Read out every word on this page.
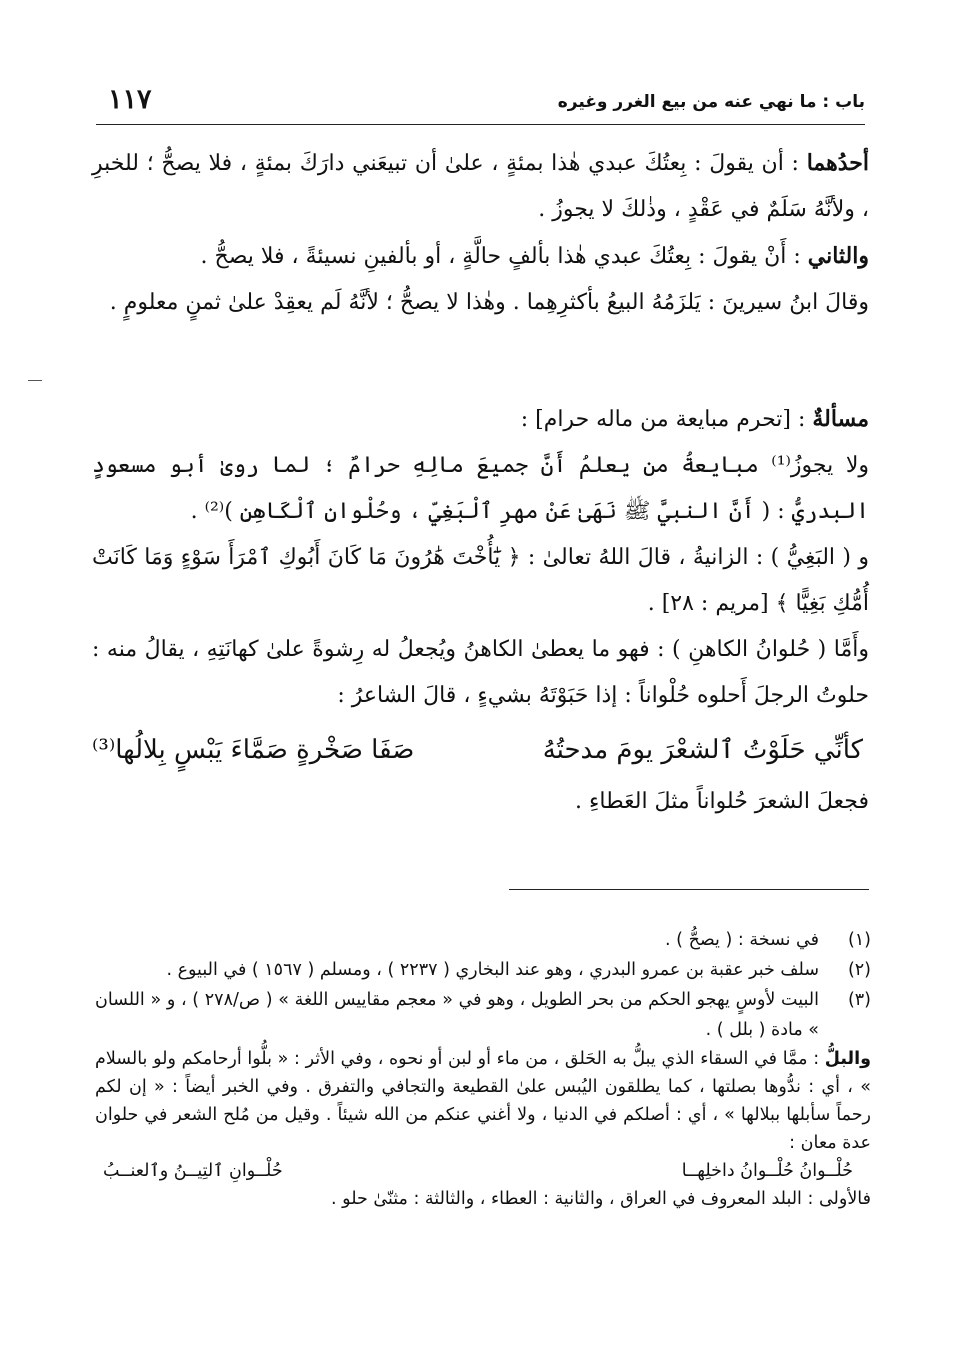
باب : ما نهي عنه من بيع الغرر وغيره
١١٧

أحدُهما : أن يقولَ : بِعتُكَ عبدي هٰذا بمئةٍ ، علىٰ أن تبيعَني دارَكَ بمئةٍ ، فلا يصحُّ ؛ للخبرِ ، ولأنَّهُ سَلَمٌ في عَقْدٍ ، وذٰلكَ لا يجوزُ .

والثاني : أَنْ يقولَ : بِعتُكَ عبدي هٰذا بألفٍ حالَّةٍ ، أو بألفينِ نسيئةً ، فلا يصحُّ .

وقالَ ابنُ سيرينَ : يَلزَمُهُ البيعُ بأكثرِهِما . وهٰذا لا يصحُّ ؛ لأنَّهُ لَم يعقِدْ علىٰ ثمنٍ معلومٍ .

مسألةٌ : [تحرم مبايعة من ماله حرام] :

ولا يجوزُ⁽¹⁾ مبايعةُ من يعلمُ أَنَّ جميعَ مالِهِ حرامٌ ؛ لما روىٰ أبو مسعودٍ البدريُّ : ( أَنَّ النبيَّ ﷺ نَهَىٰ عَنْ مهرِ ٱلْبَغِيِّ ، وحُلْوانِ ٱلْكَاهِنِ )⁽²⁾ .

و ( البَغِيُّ ) : الزانيةُ ، قالَ اللهُ تعالىٰ : ﴿ يَٰٓأُخْتَ هَٰرُونَ مَا كَانَ أَبُوكِ ٱمْرَأَ سَوْءٍ وَمَا كَانَتْ أُمُّكِ بَغِيًّا ﴾ [مريم : ٢٨] .

وأَمَّا ( حُلوانُ الكاهنِ ) : فهو ما يعطىٰ الكاهنُ ويُجعلُ له رِشوةً علىٰ كهانَتِهِ ، يقالُ منه : حلوتُ الرجلَ أَحلوه حُلْواناً : إذا حَبَوْتَهُ بشيءٍ ، قالَ الشاعرُ :

كأنِّي حَلَوْتُ ٱلشعْرَ يومَ مدحتُهُ
صَفَا صَخْرةٍ صَمَّاءَ يَبْسٍ بِلالُها⁽³⁾

فجعلَ الشعرَ حُلواناً مثلَ العَطاءِ .

(١)
في نسخة : ( يصحُّ ) .
(٢)
سلف خبر عقبة بن عمرو البدري ، وهو عند البخاري ( ٢٢٣٧ ) ، ومسلم ( ١٥٦٧ ) في البيوع .
(٣)
البيت لأوسٍ يهجو الحكم من بحر الطويل ، وهو في « معجم مقاييس اللغة » ( ص/٢٧٨ ) ، و « اللسان » مادة ( بلل ) .
والبلُّ : ممَّا في السقاء الذي يبلُّ به الحَلق ، من ماء أو لبن أو نحوه ، وفي الأثر : « بلُّوا أرحامكم ولو بالسلام » ، أي : ندُّوها بصلتها ، كما يطلقون اليُبس علىٰ القطيعة والتجافي والتفرق . وفي الخبر أيضاً : « إن لكم رحماً سأبلها ببلالها » ، أي : أصلكم في الدنيا ، ولا أغني عنكم من الله شيئاً . وقيل من مُلح الشعر في حلوان عدة معان :
حُلْــوانُ حُلْــوانُ داخلِهــا
حُلْــوانِ ٱلتِيــنُ وٱلعنــبُ
فالأولى : البلد المعروف في العراق ، والثانية : العطاء ، والثالثة : مثنّىٰ حلو .
